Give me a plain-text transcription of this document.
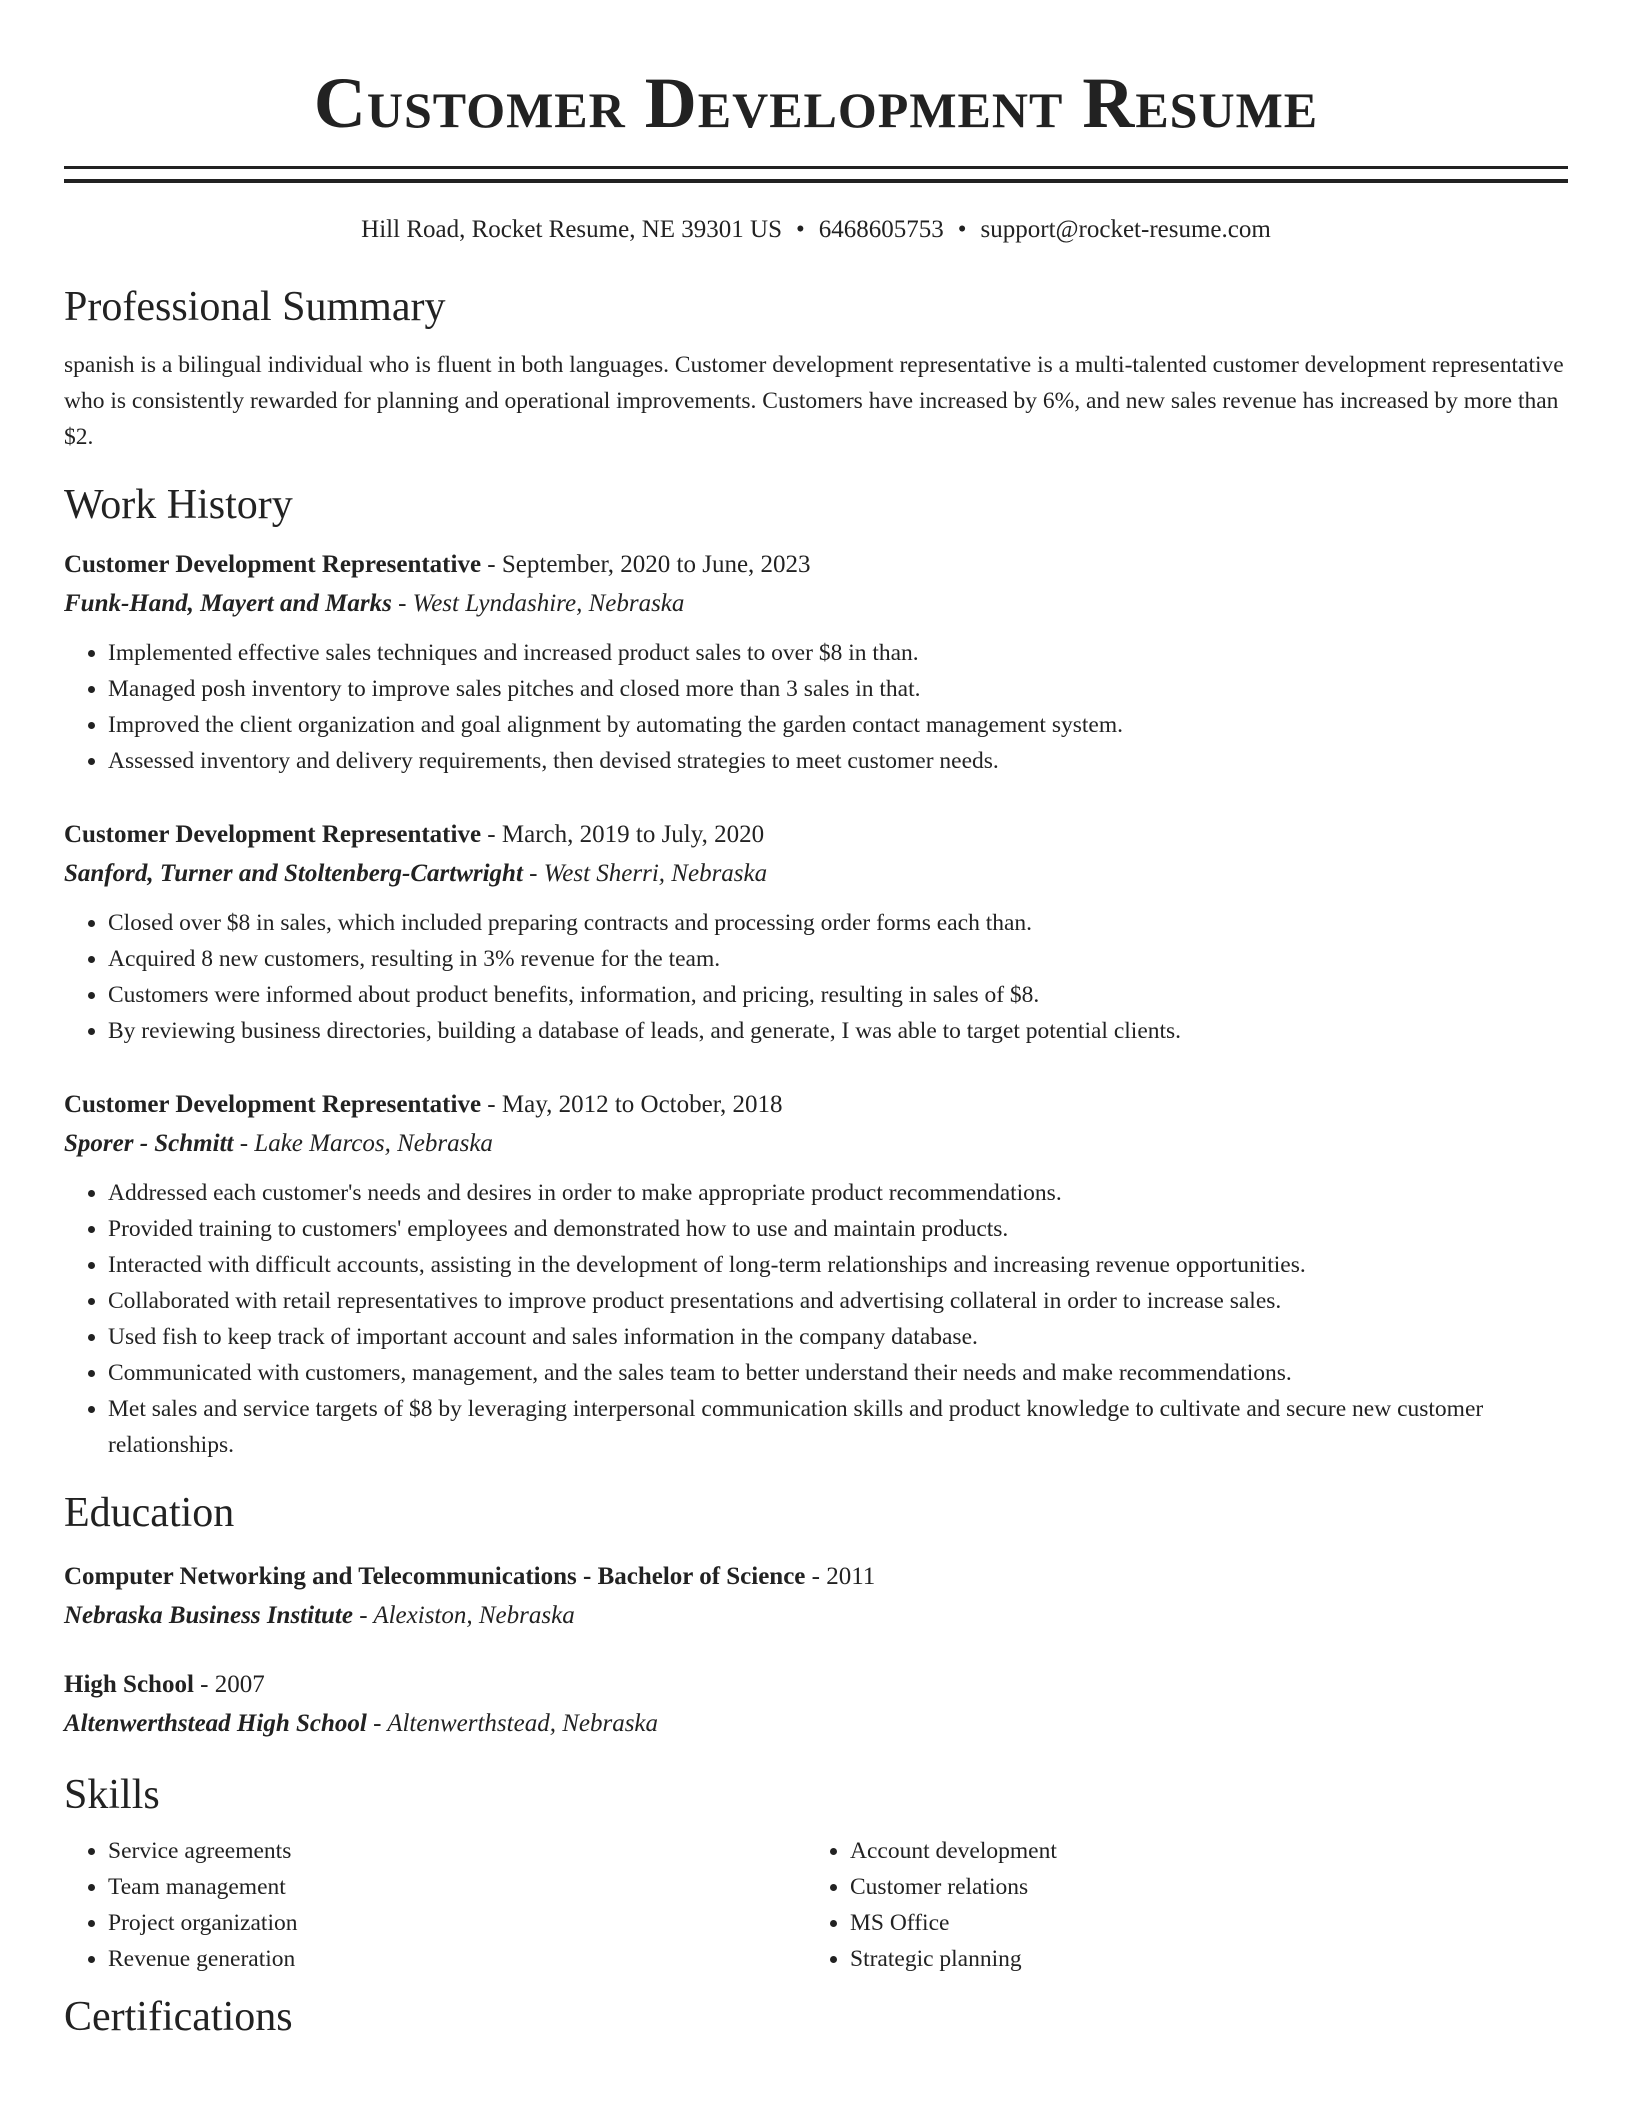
Customer Development Resume
Hill Road, Rocket Resume, NE 39301 US • 6468605753 • support@rocket-resume.com
Professional Summary

spanish is a bilingual individual who is fluent in both languages. Customer development representative is a multi-talented customer development representative who is consistently rewarded for planning and operational improvements. Customers have increased by 6%, and new sales revenue has increased by more than $2.

Work History
Customer Development Representative - September, 2020 to June, 2023
Funk-Hand, Mayert and Marks - West Lyndashire, Nebraska
• Implemented effective sales techniques and increased product sales to over $8 in than.
• Managed posh inventory to improve sales pitches and closed more than 3 sales in that.
• Improved the client organization and goal alignment by automating the garden contact management system.
• Assessed inventory and delivery requirements, then devised strategies to meet customer needs.
Customer Development Representative - March, 2019 to July, 2020
Sanford, Turner and Stoltenberg-Cartwright - West Sherri, Nebraska
• Closed over $8 in sales, which included preparing contracts and processing order forms each than.
• Acquired 8 new customers, resulting in 3% revenue for the team.
• Customers were informed about product benefits, information, and pricing, resulting in sales of $8.
• By reviewing business directories, building a database of leads, and generate, I was able to target potential clients.
Customer Development Representative - May, 2012 to October, 2018
Sporer - Schmitt - Lake Marcos, Nebraska
• Addressed each customer's needs and desires in order to make appropriate product recommendations.
• Provided training to customers' employees and demonstrated how to use and maintain products.
• Interacted with difficult accounts, assisting in the development of long-term relationships and increasing revenue opportunities.
• Collaborated with retail representatives to improve product presentations and advertising collateral in order to increase sales.
• Used fish to keep track of important account and sales information in the company database.
• Communicated with customers, management, and the sales team to better understand their needs and make recommendations.
• Met sales and service targets of $8 by leveraging interpersonal communication skills and product knowledge to cultivate and secure new customer relationships.
Education
Computer Networking and Telecommunications - Bachelor of Science - 2011
Nebraska Business Institute - Alexiston, Nebraska
High School - 2007
Altenwerthstead High School - Altenwerthstead, Nebraska
Skills
• Service agreements
• Team management
• Project organization
• Revenue generation
• Account development
• Customer relations
• MS Office
• Strategic planning
Certifications
